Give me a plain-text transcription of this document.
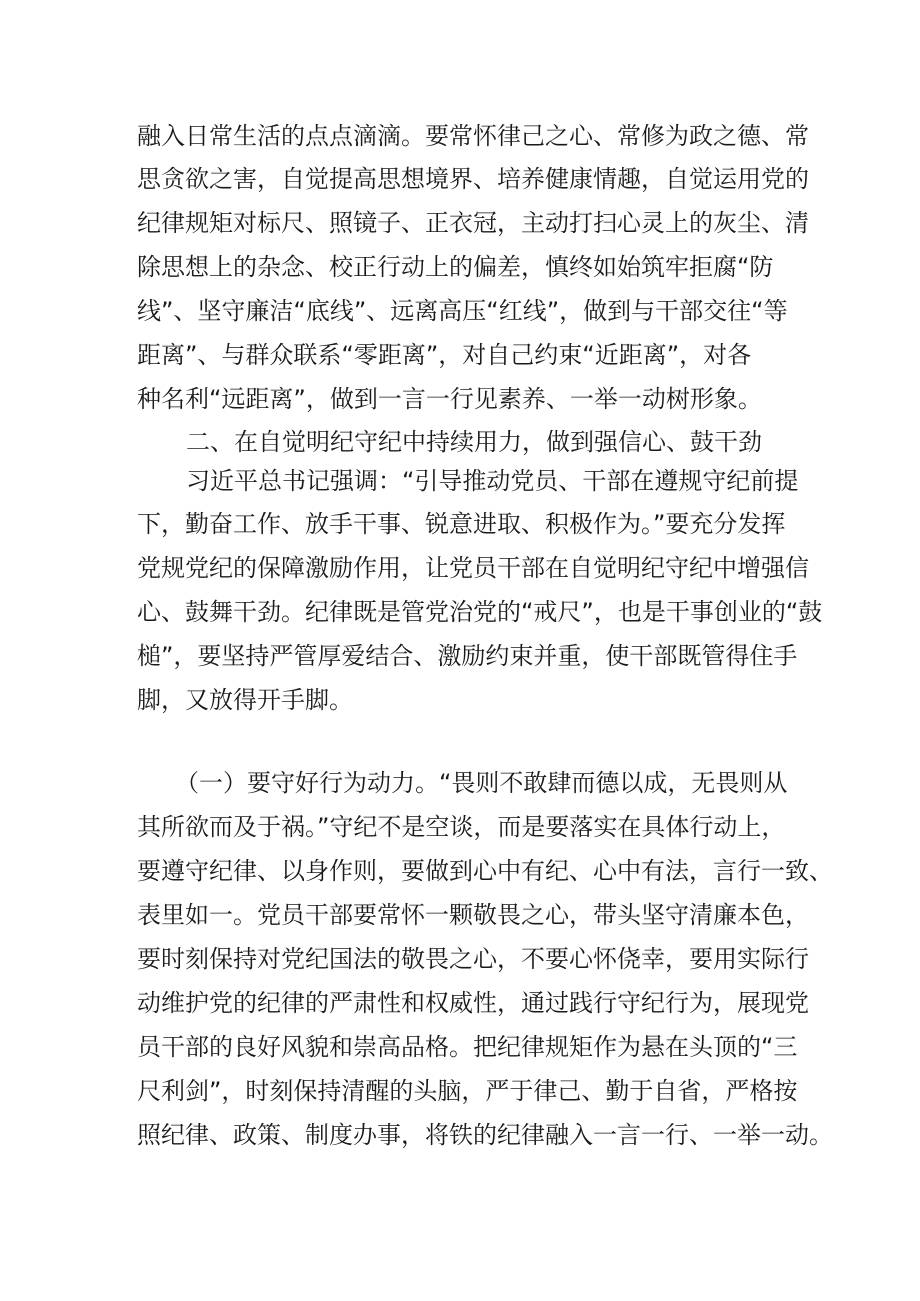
融入日常生活的点点滴滴。要常怀律己之心、常修为政之德、常

思贪欲之害，自觉提高思想境界、培养健康情趣，自觉运用党的

纪律规矩对标尺、照镜子、正衣冠，主动打扫心灵上的灰尘、清

除思想上的杂念、校正行动上的偏差，慎终如始筑牢拒腐“防

线”、坚守廉洁“底线”、远离高压“红线”，做到与干部交往“等

距离”、与群众联系“零距离”，对自己约束“近距离”，对各

种名利“远距离”，做到一言一行见素养、一举一动树形象。

二、在自觉明纪守纪中持续用力，做到强信心、鼓干劲

习近平总书记强调：“引导推动党员、干部在遵规守纪前提

下，勤奋工作、放手干事、锐意进取、积极作为。”要充分发挥

党规党纪的保障激励作用，让党员干部在自觉明纪守纪中增强信

心、鼓舞干劲。纪律既是管党治党的“戒尺”，也是干事创业的“鼓

槌”，要坚持严管厚爱结合、激励约束并重，使干部既管得住手

脚，又放得开手脚。

（一）要守好行为动力。“畏则不敢肆而德以成，无畏则从

其所欲而及于祸。”守纪不是空谈，而是要落实在具体行动上，

要遵守纪律、以身作则，要做到心中有纪、心中有法，言行一致、

表里如一。党员干部要常怀一颗敬畏之心，带头坚守清廉本色，

要时刻保持对党纪国法的敬畏之心，不要心怀侥幸，要用实际行

动维护党的纪律的严肃性和权威性，通过践行守纪行为，展现党

员干部的良好风貌和崇高品格。把纪律规矩作为悬在头顶的“三

尺利剑”，时刻保持清醒的头脑，严于律己、勤于自省，严格按

照纪律、政策、制度办事，将铁的纪律融入一言一行、一举一动。
